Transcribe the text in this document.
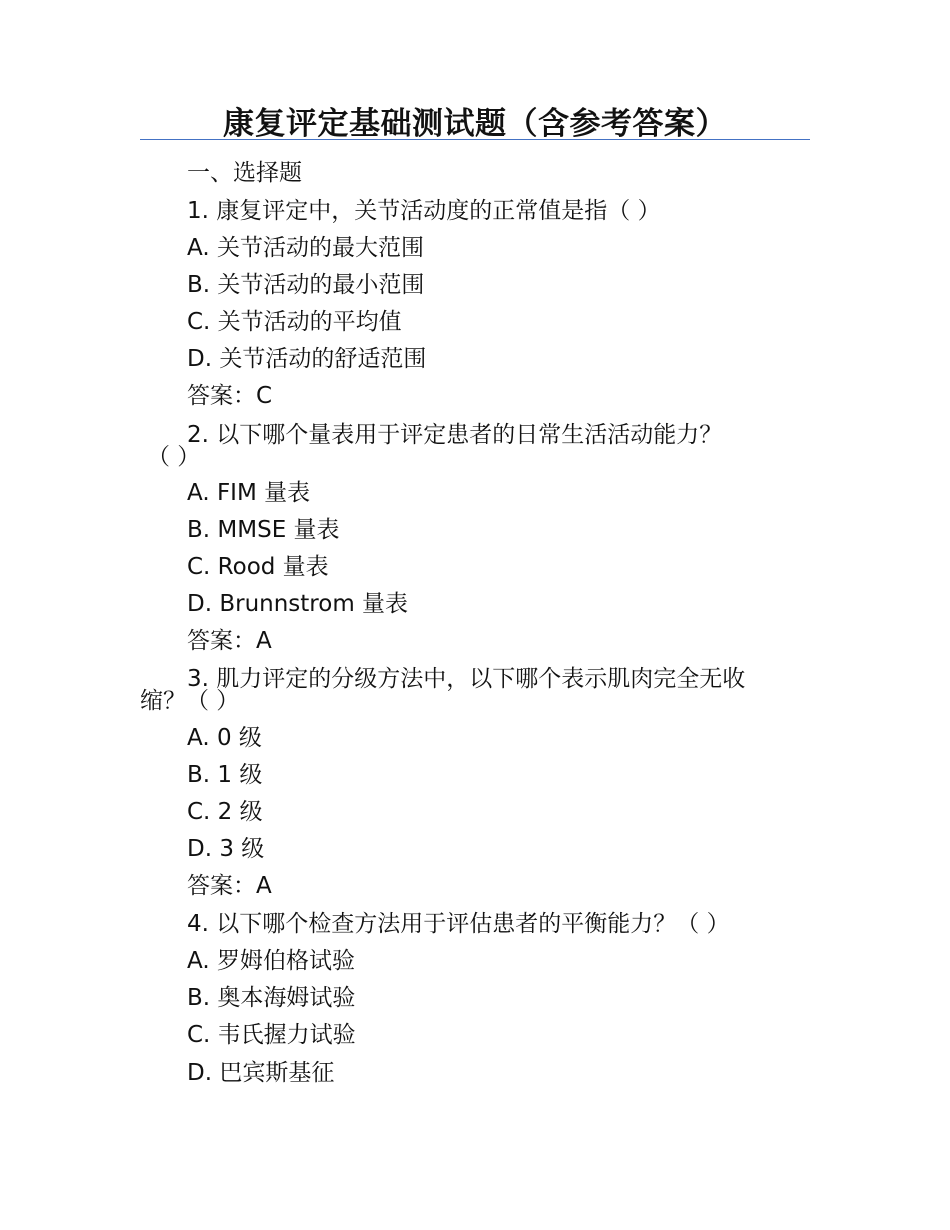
康复评定基础测试题（含参考答案）
一、选择题
1. 康复评定中，关节活动度的正常值是指（ ）
A. 关节活动的最大范围
B. 关节活动的最小范围
C. 关节活动的平均值
D. 关节活动的舒适范围
答案：C
2. 以下哪个量表用于评定患者的日常生活活动能力？
（ ）
A. FIM 量表
B. MMSE 量表
C. Rood 量表
D. Brunnstrom 量表
答案：A
3. 肌力评定的分级方法中，以下哪个表示肌肉完全无收
缩？（ ）
A. 0 级
B. 1 级
C. 2 级
D. 3 级
答案：A
4. 以下哪个检查方法用于评估患者的平衡能力？（ ）
A. 罗姆伯格试验
B. 奥本海姆试验
C. 韦氏握力试验
D. 巴宾斯基征
